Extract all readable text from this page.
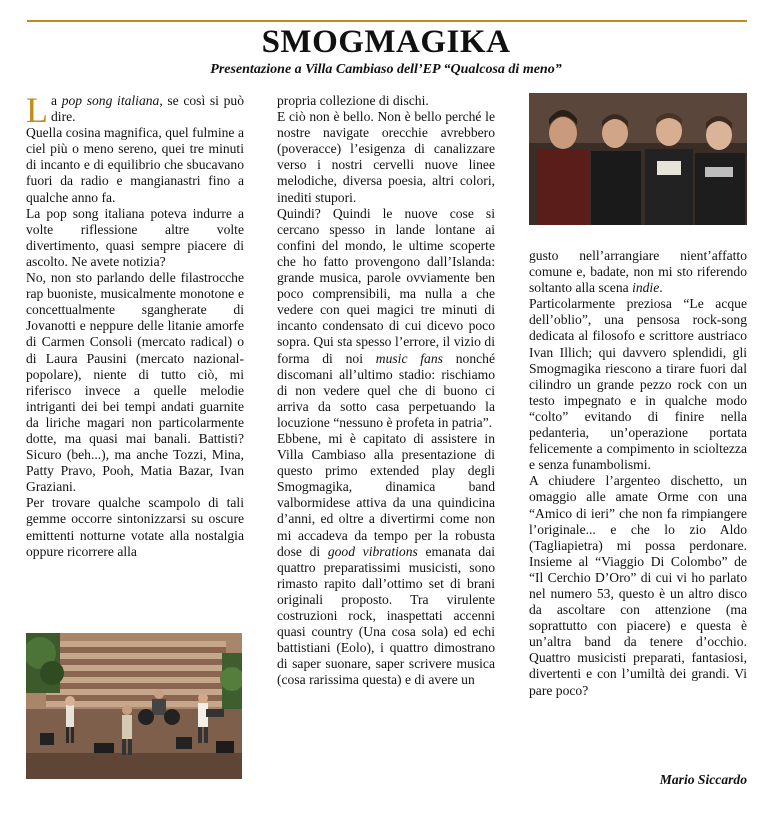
SMOGMAGIKA
Presentazione a Villa Cambiaso dell’EP “Qualcosa di meno”

La pop song italiana, se così si può dire.

Quella cosina magnifica, quel fulmine a ciel più o meno sereno, quei tre minuti di incanto e di equilibrio che sbucavano fuori da radio e mangianastri fino a qualche anno fa.

La pop song italiana poteva indurre a volte riflessione altre volte divertimento, quasi sempre piacere di ascolto. Ne avete notizia?

No, non sto parlando delle filastrocche rap buoniste, musicalmente monotone e concettualmente sgangherate di Jovanotti e neppure delle litanie amorfe di Carmen Consoli (mercato radical) o di Laura Pausini (mercato nazional-popolare), niente di tutto ciò, mi riferisco invece a quelle melodie intriganti dei bei tempi andati guarnite da liriche magari non particolarmente dotte, ma quasi mai banali. Battisti? Sicuro (beh...), ma anche Tozzi, Mina, Patty Pravo, Pooh, Matia Bazar, Ivan Graziani.

Per trovare qualche scampolo di tali gemme occorre sintonizzarsi su oscure emittenti notturne votate alla nostalgia oppure ricorrere alla

propria collezione di dischi.

E ciò non è bello. Non è bello perché le nostre navigate orecchie avrebbero (poveracce) l’esigenza di canalizzare verso i nostri cervelli nuove linee melodiche, diversa poesia, altri colori, inediti stupori.

Quindi? Quindi le nuove cose si cercano spesso in lande lontane ai confini del mondo, le ultime scoperte che ho fatto provengono dall’Islanda: grande musica, parole ovviamente ben poco comprensibili, ma nulla a che vedere con quei magici tre minuti di incanto condensato di cui dicevo poco sopra. Qui sta spesso l’errore, il vizio di forma di noi music fans nonché discomani all’ultimo stadio: rischiamo di non vedere quel che di buono ci arriva da sotto casa perpetuando la locuzione “nessuno è profeta in patria”.

Ebbene, mi è capitato di assistere in Villa Cambiaso alla presentazione di questo primo extended play degli Smogmagika, dinamica band valbormidese attiva da una quindicina d’anni, ed oltre a divertirmi come non mi accadeva da tempo per la robusta dose di good vibrations emanata dai quattro preparatissimi musicisti, sono rimasto rapito dall’ottimo set di brani originali proposto. Tra virulente costruzioni rock, inaspettati accenni quasi country (Una cosa sola) ed echi battistiani (Eolo), i quattro dimostrano di saper suonare, saper scrivere musica (cosa rarissima questa) e di avere un

gusto nell’arrangiare nient’affatto comune e, badate, non mi sto riferendo soltanto alla scena indie.

Particolarmente preziosa “Le acque dell’oblio”, una pensosa rock-song dedicata al filosofo e scrittore austriaco Ivan Illich; qui davvero splendidi, gli Smogmagika riescono a tirare fuori dal cilindro un grande pezzo rock con un testo impegnato e in qualche modo “colto” evitando di finire nella pedanteria, un’operazione portata felicemente a compimento in scioltezza e senza funambolismi.

A chiudere l’argenteo dischetto, un omaggio alle amate Orme con una “Amico di ieri” che non fa rimpiangere l’originale... e che lo zio Aldo (Tagliapietra) mi possa perdonare. Insieme al “Viaggio Di Colombo” de “Il Cerchio D’Oro” di cui vi ho parlato nel numero 53, questo è un altro disco da ascoltare con attenzione (ma soprattutto con piacere) e questa è un’altra band da tenere d’occhio. Quattro musicisti preparati, fantasiosi, divertenti e con l’umiltà dei grandi. Vi pare poco?

Mario Siccardo
